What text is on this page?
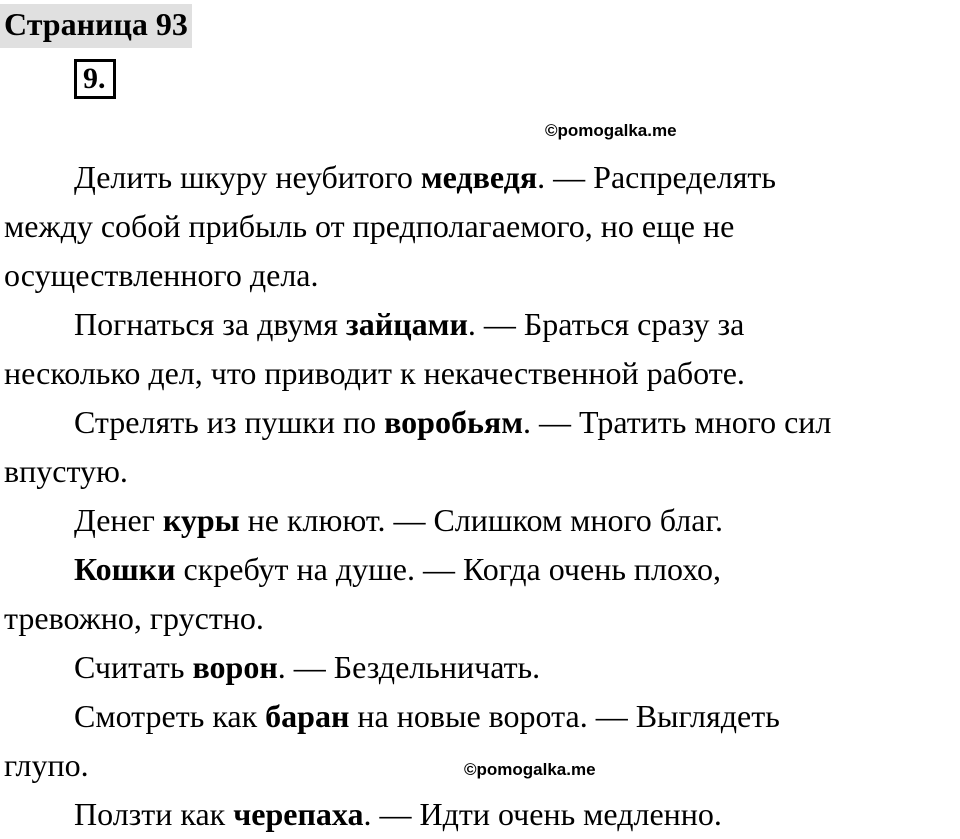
Страница 93
9.
©pomogalka.me
©pomogalka.me

Делить шкуру неубитого медведя. — Распределять

между собой прибыль от предполагаемого, но еще не

осуществленного дела.

Погнаться за двумя зайцами. — Браться сразу за

несколько дел, что приводит к некачественной работе.

Стрелять из пушки по воробьям. — Тратить много сил

впустую.

Денег куры не клюют. — Слишком много благ.

Кошки скребут на душе. — Когда очень плохо,

тревожно, грустно.

Считать ворон. — Бездельничать.

Смотреть как баран на новые ворота. — Выглядеть

глупо.

Ползти как черепаха. — Идти очень медленно.
